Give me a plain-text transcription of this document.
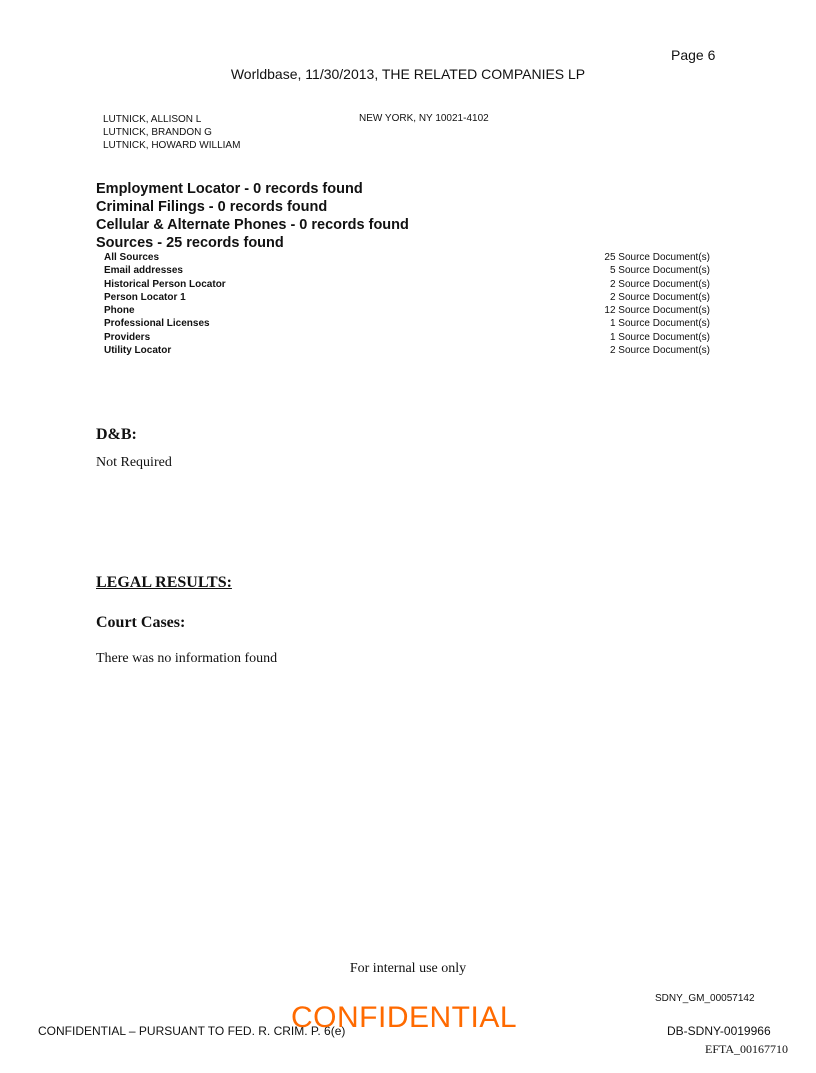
Page 6
Worldbase, 11/30/2013, THE RELATED COMPANIES LP
LUTNICK, ALLISON L
LUTNICK, BRANDON G
LUTNICK, HOWARD WILLIAM
NEW YORK, NY 10021-4102
Employment Locator - 0 records found
Criminal Filings - 0 records found
Cellular & Alternate Phones - 0 records found
Sources - 25 records found
All Sources	25 Source Document(s)
Email addresses	5 Source Document(s)
Historical Person Locator	2 Source Document(s)
Person Locator 1	2 Source Document(s)
Phone	12 Source Document(s)
Professional Licenses	1 Source Document(s)
Providers	1 Source Document(s)
Utility Locator	2 Source Document(s)
D&B:
Not Required
LEGAL RESULTS:
Court Cases:
There was no information found
For internal use only
SDNY_GM_00057142
CONFIDENTIAL – PURSUANT TO FED. R. CRIM. P. 6(e)
CONFIDENTIAL	DB-SDNY-0019966
EFTA_00167710
